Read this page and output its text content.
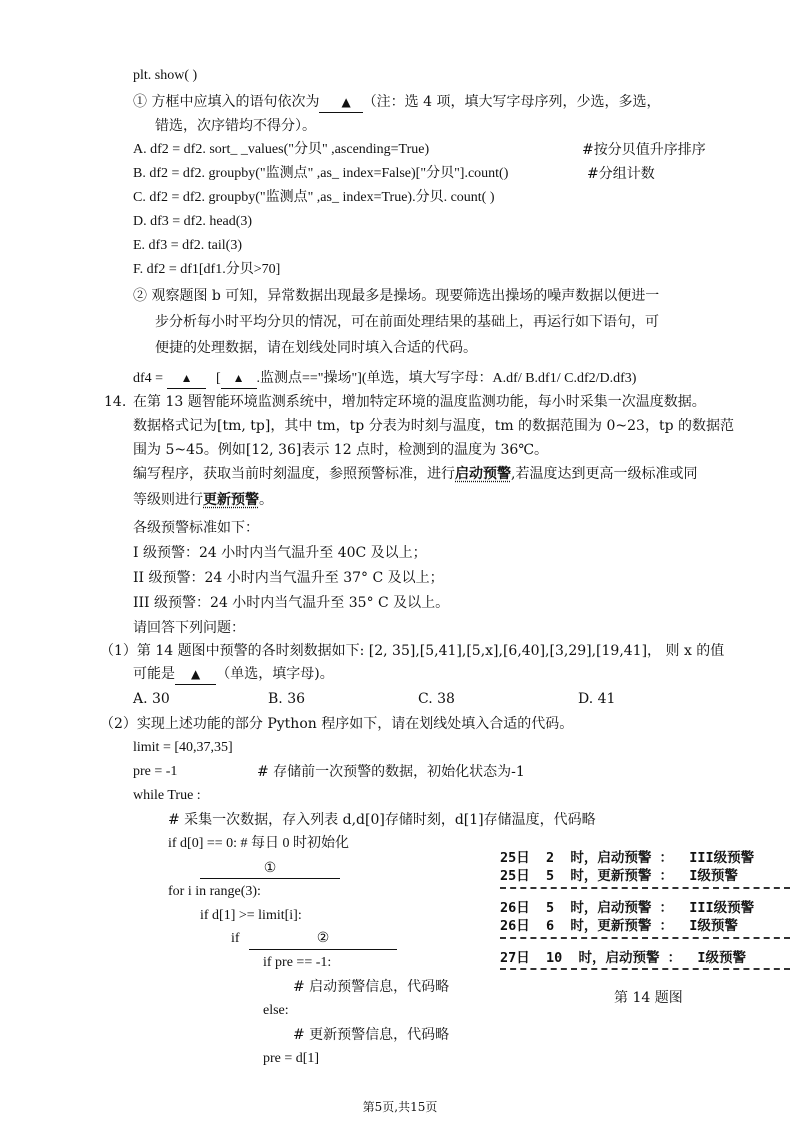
plt. show( )
① 方框中应填入的语句依次为 ▲ （注：选 4 项，填大写字母序列，少选，多选，
错选，次序错均不得分）。
A. df2 = df2. sort_ _values("分贝" ,ascending=True)	#按分贝值升序排序
B. df2 = df2. groupby("监测点" ,as_ index=False)["分贝"].count()	#分组计数
C. df2 = df2. groupby("监测点" ,as_ index=True).分贝. count( )
D. df3 = df2. head(3)
E. df3 = df2. tail(3)
F. df2 = df1[df1.分贝>70]
② 观察题图 b 可知，异常数据出现最多是操场。现要筛选出操场的噪声数据以便进一
步分析每小时平均分贝的情况，可在前面处理结果的基础上，再运行如下语句，可
便捷的处理数据，请在划线处同时填入合适的代码。
df4 = ▲ [ ▲ .监测点=="操场"](单选，填大写字母：A.df/ B.df1/ C.df2/D.df3)
14. 在第 13 题智能环境监测系统中，增加特定环境的温度监测功能，每小时采集一次温度数据。
数据格式记为[tm, tp]，其中 tm，tp 分表为时刻与温度，tm 的数据范围为 0~23，tp 的数据范
围为 5~45。例如[12, 36]表示 12 点时，检测到的温度为 36℃。
编写程序，获取当前时刻温度，参照预警标准，进行启动预警,若温度达到更高一级标准或同
等级则进行更新预警。
各级预警标准如下：
I 级预警：24 小时内当气温升至 40C 及以上；
II 级预警：24 小时内当气温升至 37° C 及以上；
III 级预警：24 小时内当气温升至 35° C 及以上。
请回答下列问题：
（1）第 14 题图中预警的各时刻数据如下: [2, 35],[5,41],[5,x],[6,40],[3,29],[19,41]， 则 x 的值
可能是 ▲ （单选，填字母)。
A. 30	B. 36	C. 38	D. 41
（2）实现上述功能的部分 Python 程序如下，请在划线处填入合适的代码。
limit = [40,37,35]
pre = -1	# 存储前一次预警的数据，初始化状态为-1
while True :
# 采集一次数据，存入列表 d,d[0]存储时刻，d[1]存储温度，代码略
if d[0] == 0: # 每日 0 时初始化
①
for i in range(3):
if d[1] >= limit[i]:
if	②
if pre == -1:
# 启动预警信息，代码略
else:
# 更新预警信息，代码略
pre = d[1]
25日  2  时，启动预警 ：  III级预警
25日  5  时，更新预警 ：  I级预警
26日  5  时，启动预警 ：  III级预警
26日  6  时，更新预警 ：  I级预警
27日  10  时，启动预警 ：  I级预警
第 14 题图
第5页,共15页
